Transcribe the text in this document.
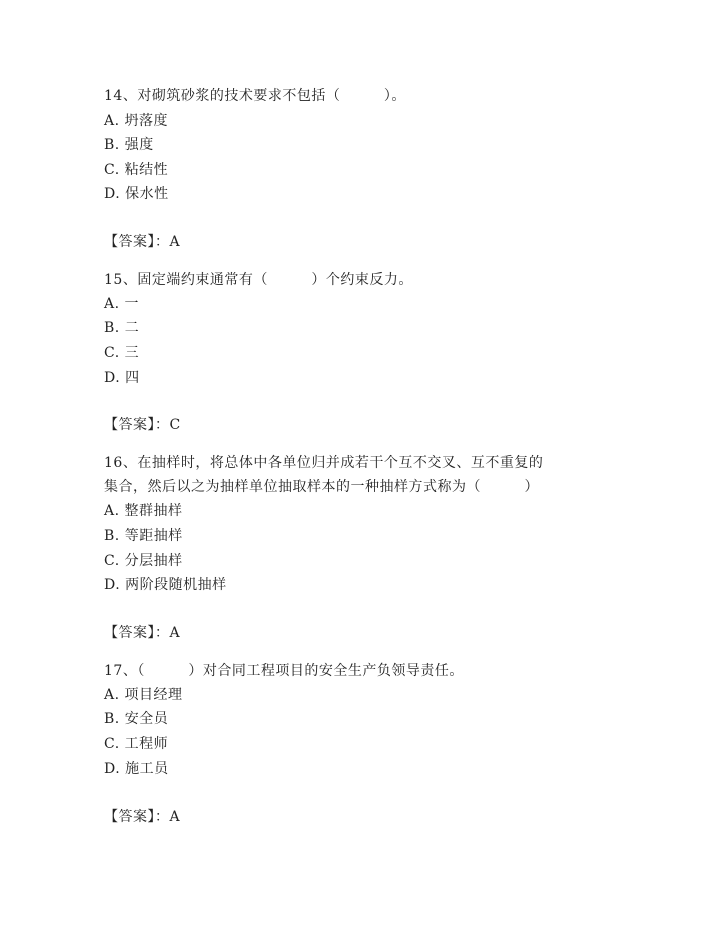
14、对砌筑砂浆的技术要求不包括（　　　）。
A. 坍落度
B. 强度
C. 粘结性
D. 保水性
【答案】：A
15、固定端约束通常有（　　　）个约束反力。
A. 一
B. 二
C. 三
D. 四
【答案】：C
16、在抽样时，将总体中各单位归并成若干个互不交叉、互不重复的
集合，然后以之为抽样单位抽取样本的一种抽样方式称为（　　　）
A. 整群抽样
B. 等距抽样
C. 分层抽样
D. 两阶段随机抽样
【答案】：A
17、（　　　）对合同工程项目的安全生产负领导责任。
A. 项目经理
B. 安全员
C. 工程师
D. 施工员
【答案】：A
